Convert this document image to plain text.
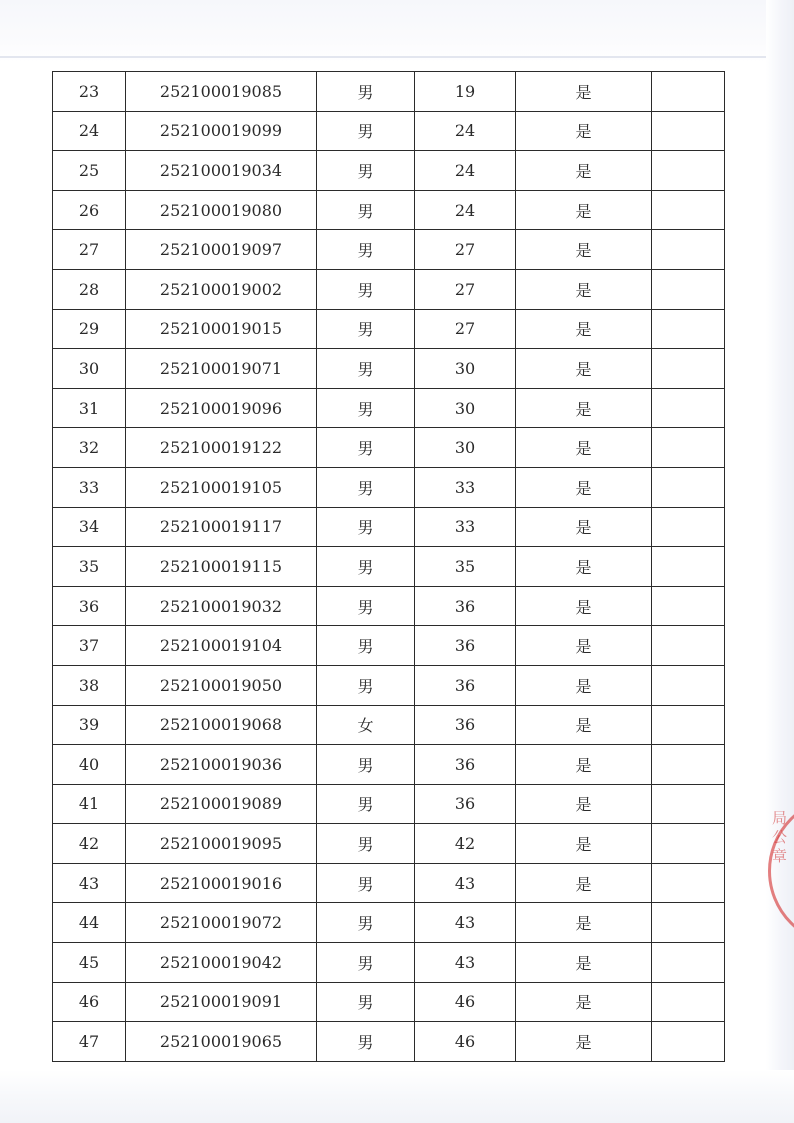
23	252100019085	男	19	是	
24	252100019099	男	24	是	
25	252100019034	男	24	是	
26	252100019080	男	24	是	
27	252100019097	男	27	是	
28	252100019002	男	27	是	
29	252100019015	男	27	是	
30	252100019071	男	30	是	
31	252100019096	男	30	是	
32	252100019122	男	30	是	
33	252100019105	男	33	是	
34	252100019117	男	33	是	
35	252100019115	男	35	是	
36	252100019032	男	36	是	
37	252100019104	男	36	是	
38	252100019050	男	36	是	
39	252100019068	女	36	是	
40	252100019036	男	36	是	
41	252100019089	男	36	是	
42	252100019095	男	42	是	
43	252100019016	男	43	是	
44	252100019072	男	43	是	
45	252100019042	男	43	是	
46	252100019091	男	46	是	
47	252100019065	男	46	是	
局公章
